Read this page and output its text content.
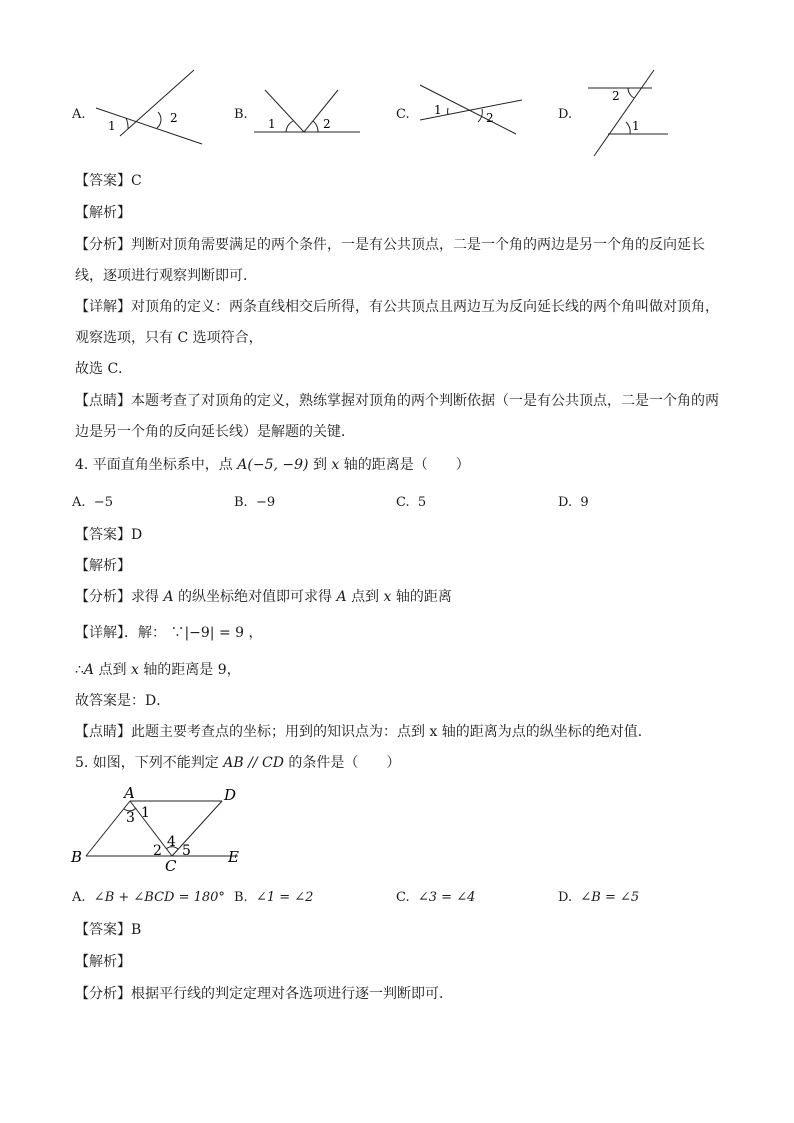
A.
1
2	B.
1	2
C. 1
2	D.
2
1
【答案】C
【解析】
【分析】判断对顶角需要满足的两个条件，一是有公共顶点，二是一个角的两边是另一个角的反向延长
线，逐项进行观察判断即可．
【详解】对顶角的定义：两条直线相交后所得，有公共顶点且两边互为反向延长线的两个角叫做对顶角，
观察选项，只有 C 选项符合，
故选 C．
【点睛】本题考查了对顶角的定义，熟练掌握对顶角的两个判断依据（一是有公共顶点，二是一个角的两
边是另一个角的反向延长线）是解题的关键．
4. 平面直角坐标系中，点 A(−5, −9) 到 x 轴的距离是（　　）
A. −5	B. −9	C. 5	D. 9
【答案】D
【解析】
【分析】求得 A 的纵坐标绝对值即可求得 A 点到 x 轴的距离
【详解】．解： ∵|−9| = 9 ，
∴A 点到 x 轴的距离是 9，
故答案是：D．
【点睛】此题主要考查点的坐标；用到的知识点为：点到 x 轴的距离为点的纵坐标的绝对值．
5. 如图，下列不能判定 AB // CD 的条件是（　　）
A	D
B	C	E
1
3
4
2 5
A. ∠B + ∠BCD = 180° B. ∠1 = ∠2	C. ∠3 = ∠4	D. ∠B = ∠5
【答案】B
【解析】
【分析】根据平行线的判定定理对各选项进行逐一判断即可．
